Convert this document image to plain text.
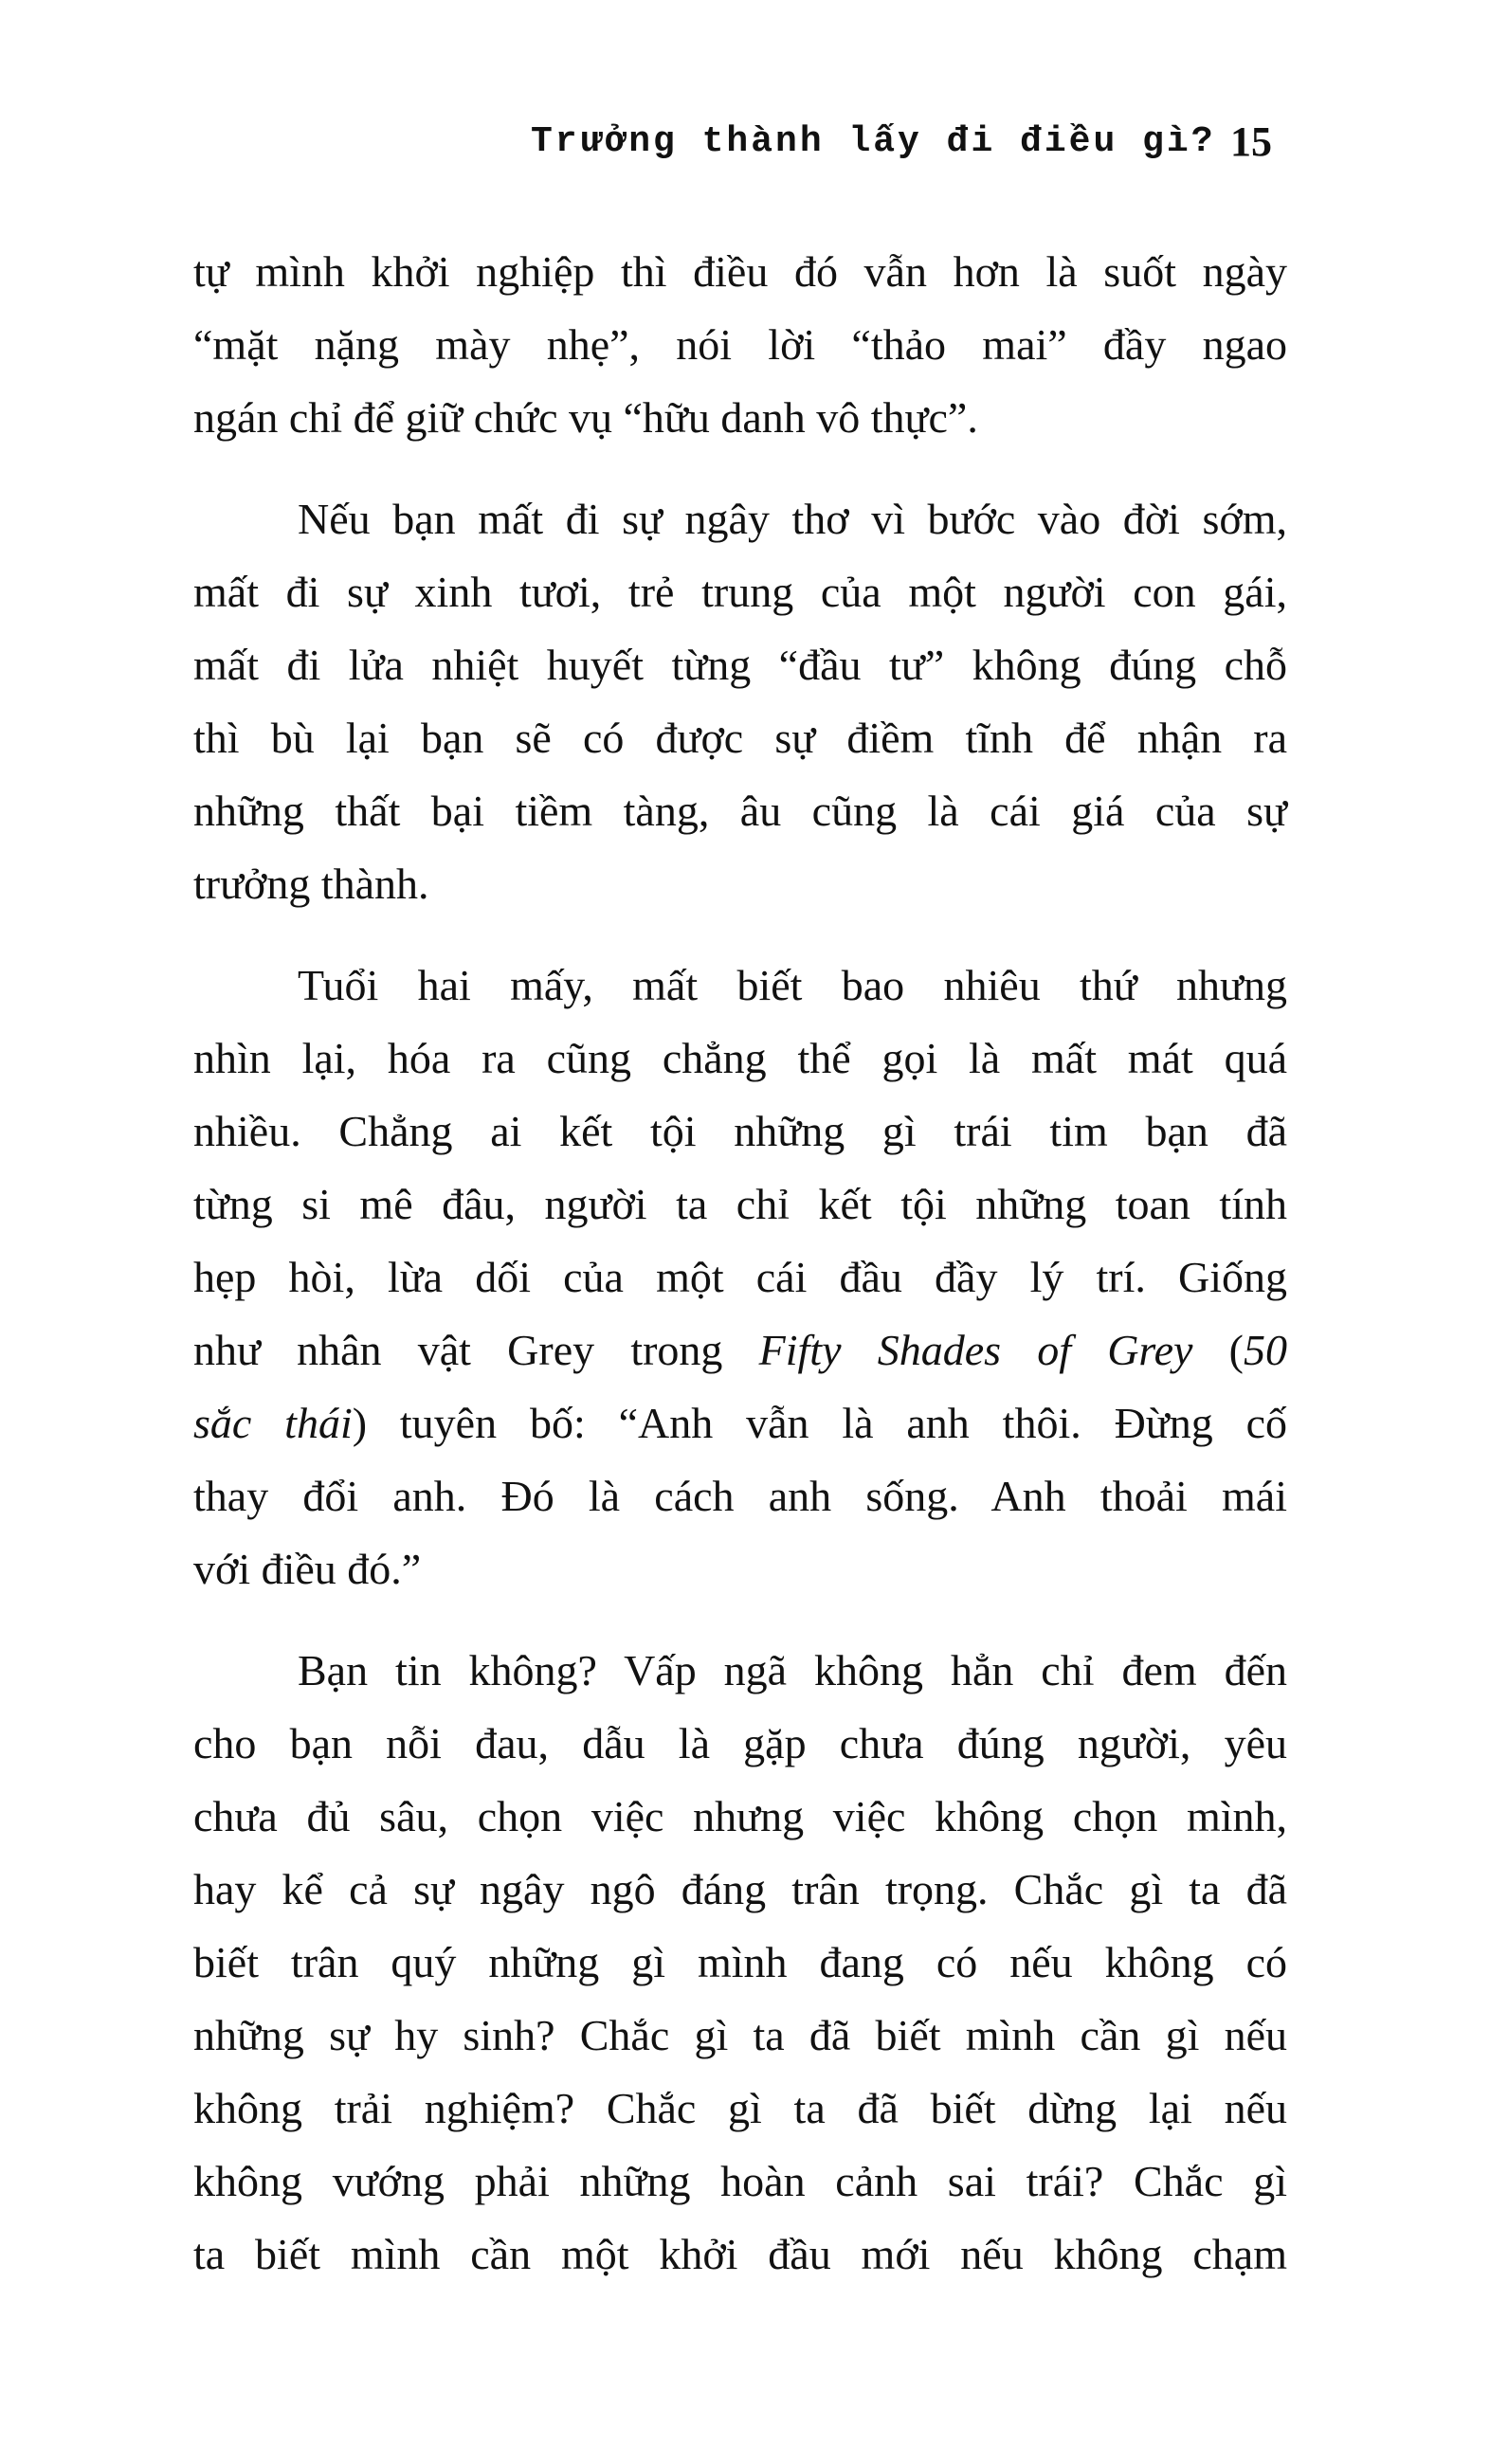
Trưởng thành lấy đi điều gì? 15
tự mình khởi nghiệp thì điều đó vẫn hơn là suốt ngày
“mặt nặng mày nhẹ”, nói lời “thảo mai” đầy ngao
ngán chỉ để giữ chức vụ “hữu danh vô thực”.
Nếu bạn mất đi sự ngây thơ vì bước vào đời sớm,
mất đi sự xinh tươi, trẻ trung của một người con gái,
mất đi lửa nhiệt huyết từng “đầu tư” không đúng chỗ
thì bù lại bạn sẽ có được sự điềm tĩnh để nhận ra
những thất bại tiềm tàng, âu cũng là cái giá của sự
trưởng thành.
Tuổi hai mấy, mất biết bao nhiêu thứ nhưng
nhìn lại, hóa ra cũng chẳng thể gọi là mất mát quá
nhiều. Chẳng ai kết tội những gì trái tim bạn đã
từng si mê đâu, người ta chỉ kết tội những toan tính
hẹp hòi, lừa dối của một cái đầu đầy lý trí. Giống
như nhân vật Grey trong Fifty Shades of Grey (50
sắc thái) tuyên bố: “Anh vẫn là anh thôi. Đừng cố
thay đổi anh. Đó là cách anh sống. Anh thoải mái
với điều đó.”
Bạn tin không? Vấp ngã không hẳn chỉ đem đến
cho bạn nỗi đau, dẫu là gặp chưa đúng người, yêu
chưa đủ sâu, chọn việc nhưng việc không chọn mình,
hay kể cả sự ngây ngô đáng trân trọng. Chắc gì ta đã
biết trân quý những gì mình đang có nếu không có
những sự hy sinh? Chắc gì ta đã biết mình cần gì nếu
không trải nghiệm? Chắc gì ta đã biết dừng lại nếu
không vướng phải những hoàn cảnh sai trái? Chắc gì
ta biết mình cần một khởi đầu mới nếu không chạm
